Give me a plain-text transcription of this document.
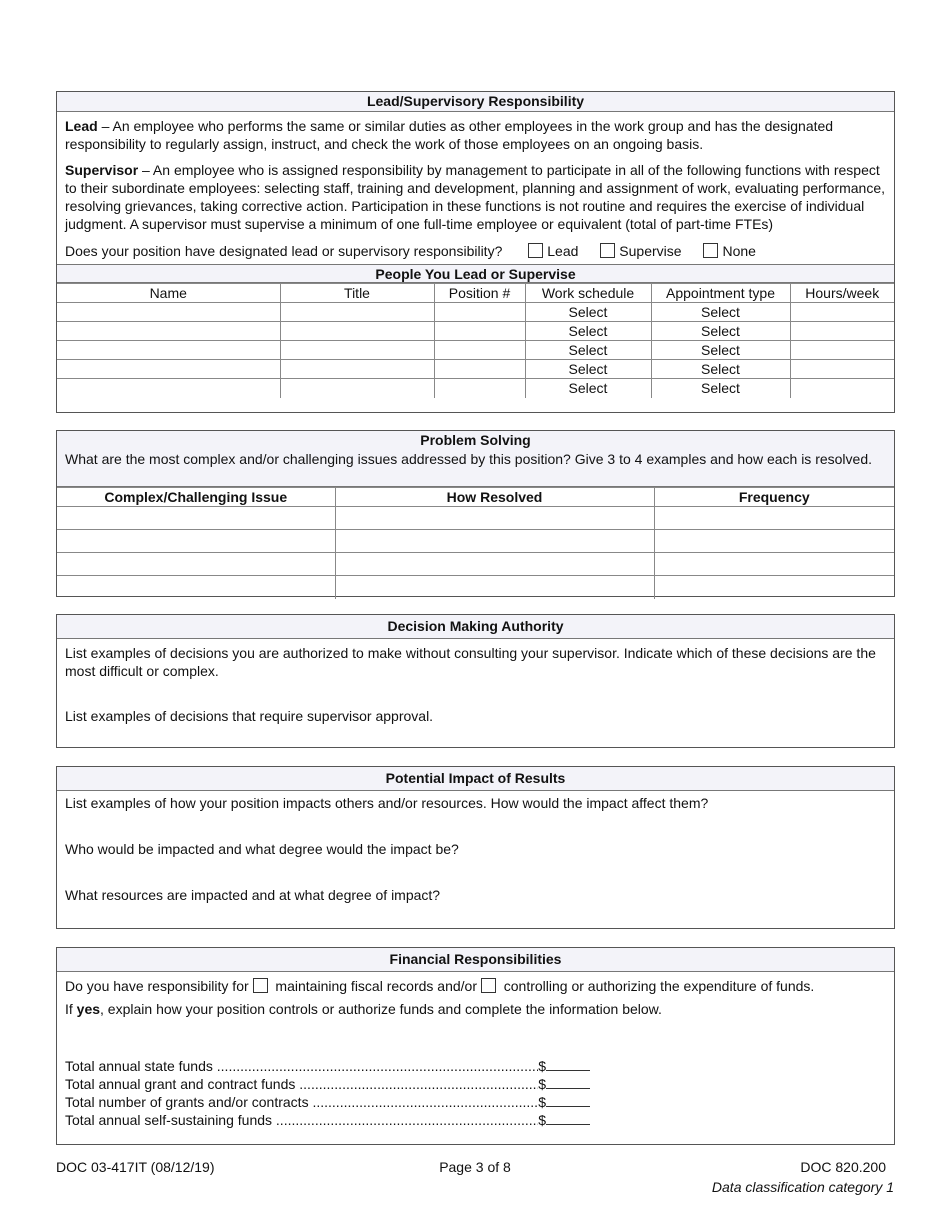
Lead/Supervisory Responsibility

Lead – An employee who performs the same or similar duties as other employees in the work group and has the designated responsibility to regularly assign, instruct, and check the work of those employees on an ongoing basis.

Supervisor – An employee who is assigned responsibility by management to participate in all of the following functions with respect to their subordinate employees: selecting staff, training and development, planning and assignment of work, evaluating performance, resolving grievances, taking corrective action. Participation in these functions is not routine and requires the exercise of individual judgment. A supervisor must supervise a minimum of one full-time employee or equivalent (total of part-time FTEs)

Does your position have designated lead or supervisory responsibility?	Lead	Supervise	None
People You Lead or Supervise
Name	Title	Position #	Work schedule	Appointment type	Hours/week
			Select	Select	
			Select	Select	
			Select	Select	
			Select	Select	
			Select	Select	
Problem Solving
What are the most complex and/or challenging issues addressed by this position? Give 3 to 4 examples and how each is resolved.
Complex/Challenging Issue	How Resolved	Frequency

Decision Making Authority

List examples of decisions you are authorized to make without consulting your supervisor. Indicate which of these decisions are the most difficult or complex.

List examples of decisions that require supervisor approval.

Potential Impact of Results

List examples of how your position impacts others and/or resources. How would the impact affect them?

Who would be impacted and what degree would the impact be?

What resources are impacted and at what degree of impact?

Financial Responsibilities

Do you have responsibility for  maintaining fiscal records and/or  controlling or authorizing the expenditure of funds.

If yes, explain how your position controls or authorize funds and complete the information below.

Total annual state funds .....	$
Total annual grant and contract funds .....	$
Total number of grants and/or contracts .....	$
Total annual self-sustaining funds .....	$
DOC 03-417IT (08/12/19)	Page 3 of 8	DOC 820.200
Data classification category 1
